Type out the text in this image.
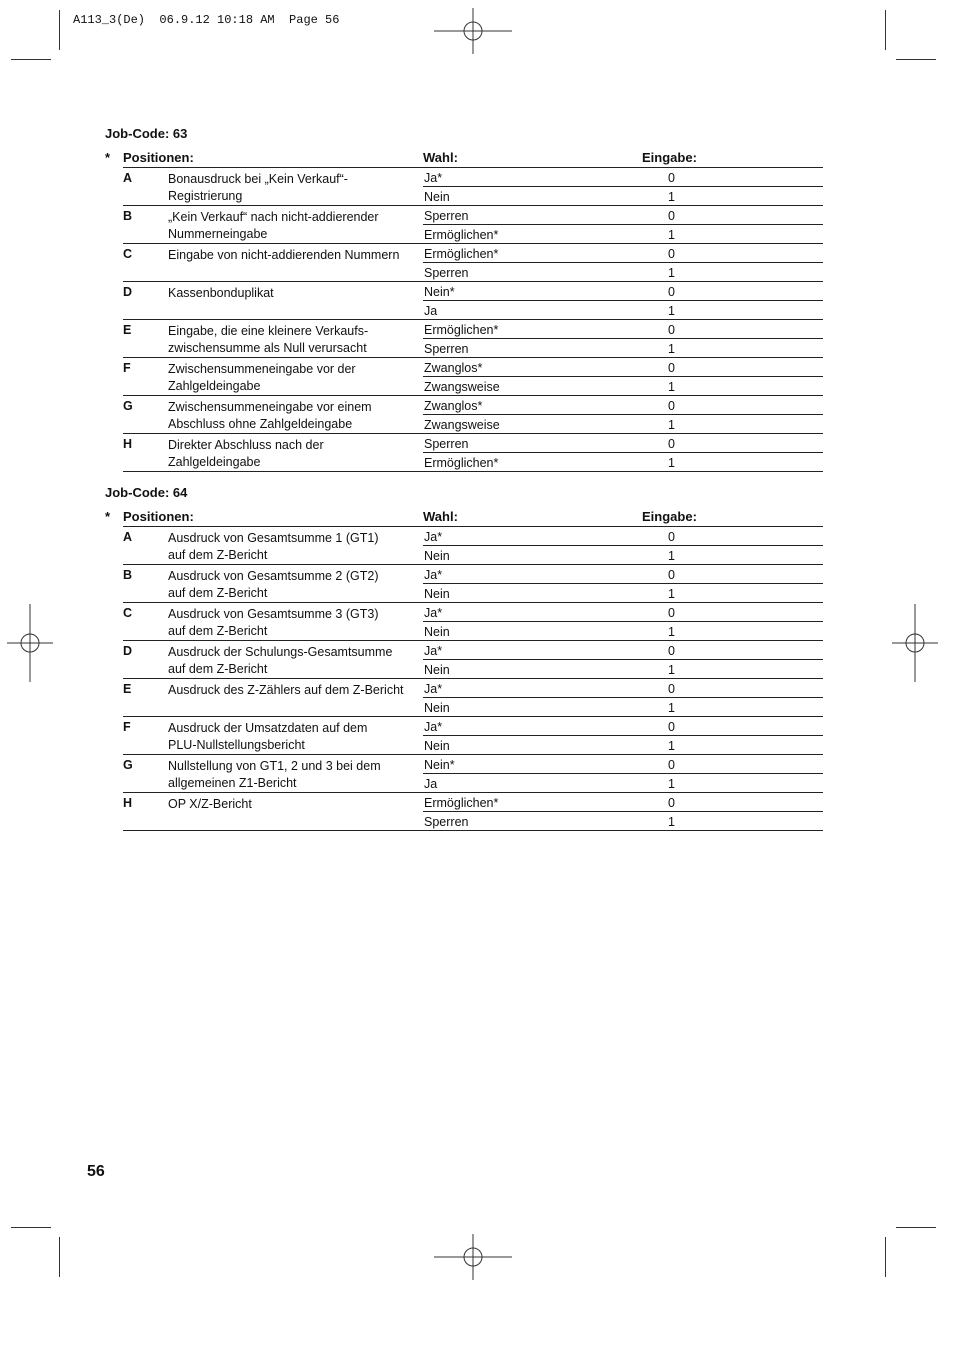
A113_3(De)  06.9.12 10:18 AM  Page 56
Job-Code: 63
* Positionen:	Wahl:	Eingabe:
A	Bonausdruck bei „Kein Verkauf“-
Registrierung
Ja*	0
Nein	1
B	„Kein Verkauf“ nach nicht-addierender
Nummerneingabe
Sperren	0
Ermöglichen*	1
C	Eingabe von nicht-addierenden Nummern	Ermöglichen*	0
Sperren	1
D	Kassenbonduplikat	Nein*	0
Ja	1
E	Eingabe, die eine kleinere Verkaufs-
zwischensumme als Null verursacht
Ermöglichen*	0
Sperren	1
F	Zwischensummeneingabe vor der
Zahlgeldeingabe
Zwanglos*	0
Zwangsweise	1
G	Zwischensummeneingabe vor einem
Abschluss ohne Zahlgeldeingabe
Zwanglos*	0
Zwangsweise	1
H	Direkter Abschluss nach der
Zahlgeldeingabe
Sperren	0
Ermöglichen*	1
Job-Code: 64
* Positionen:	Wahl:	Eingabe:
A	Ausdruck von Gesamtsumme 1 (GT1)
auf dem Z-Bericht
Ja*	0
Nein	1
B	Ausdruck von Gesamtsumme 2 (GT2)
auf dem Z-Bericht
Ja*	0
Nein	1
C	Ausdruck von Gesamtsumme 3 (GT3)
auf dem Z-Bericht
Ja*	0
Nein	1
D	Ausdruck der Schulungs-Gesamtsumme
auf dem Z-Bericht
Ja*	0
Nein	1
E	Ausdruck des Z-Zählers auf dem Z-Bericht	Ja*	0
Nein	1
F	Ausdruck der Umsatzdaten auf dem
PLU-Nullstellungsbericht
Ja*	0
Nein	1
G	Nullstellung von GT1, 2 und 3 bei dem
allgemeinen Z1-Bericht
Nein*	0
Ja	1
H	OP X/Z-Bericht	Ermöglichen*	0
Sperren	1
56
